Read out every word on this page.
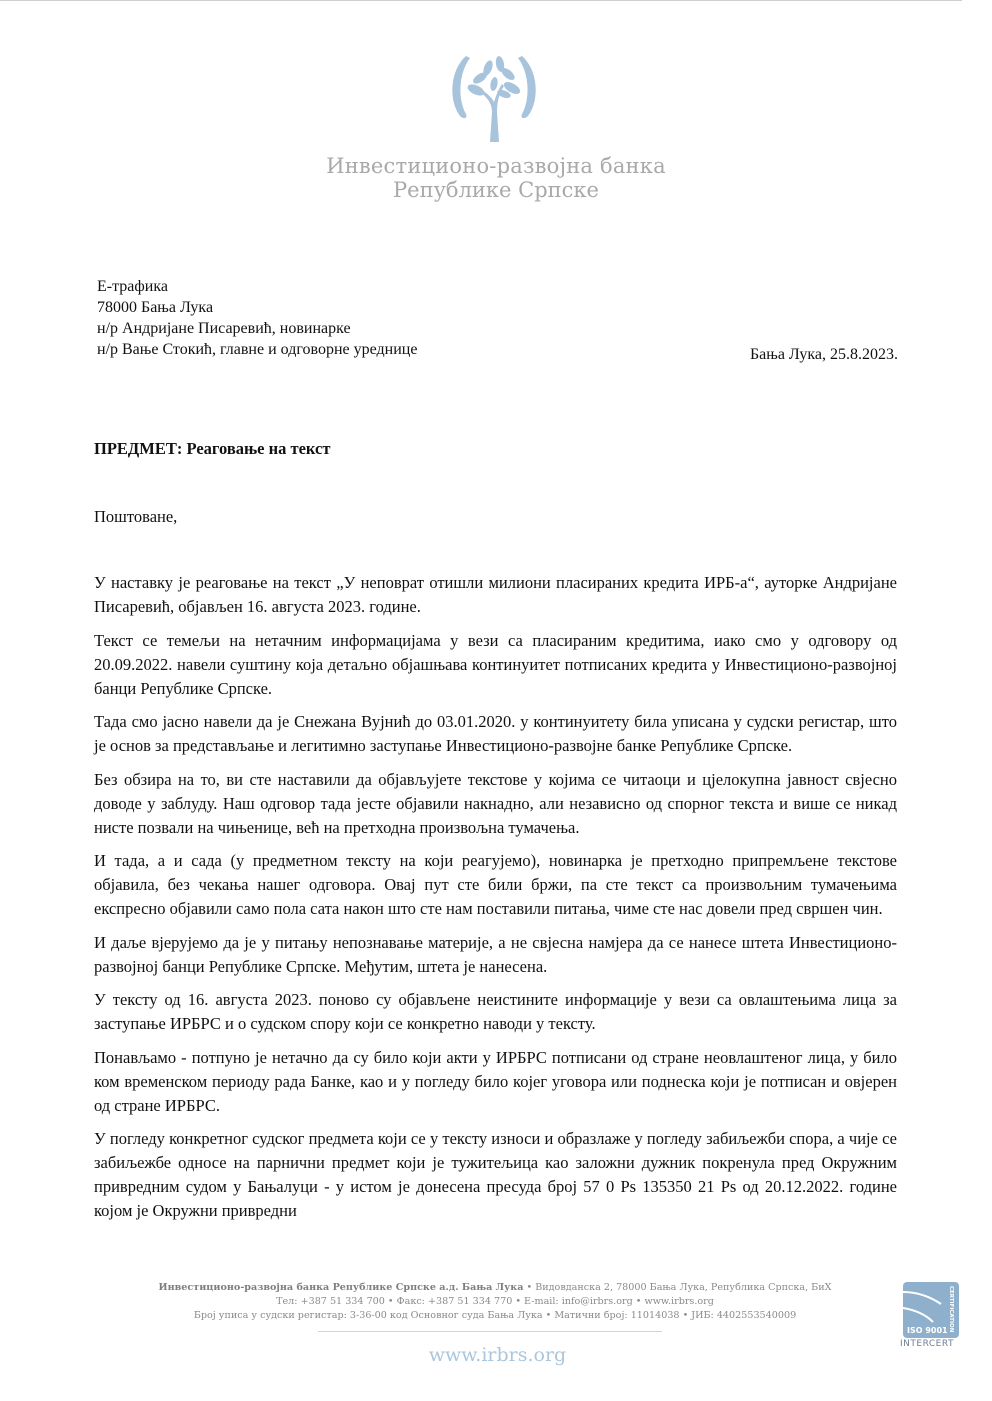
Инвестиционо-развојна банка
Републике Српске
Е-трафика
78000 Бања Лука
н/р Андријане Писаревић, новинарке
н/р Вање Стокић, главне и одговорне уреднице	Бања Лука, 25.8.2023.
ПРЕДМЕТ: Реаговање на текст
Поштоване,

У наставку је реаговање на текст „У неповрат отишли милиони пласираних кредита ИРБ-а“, ауторке Андријане Писаревић, објављен 16. августа 2023. године.

Текст се темељи на нетачним информацијама у вези са пласираним кредитима, иако смо у одговору од 20.09.2022. навели суштину која детаљно објашњава континуитет потписаних кредита у Инвестиционо-развојној банци Републике Српске.

Тада смо јасно навели да је Снежана Вујнић до 03.01.2020. у континуитету била уписана у судски регистар, што је основ за представљање и легитимно заступање Инвестиционо-развојне банке Републике Српске.

Без обзира на то, ви сте наставили да објављујете текстове у којима се читаоци и цјелокупна јавност свјесно доводе у заблуду. Наш одговор тада јесте објавили накнадно, али независно од спорног текста и више се никад нисте позвали на чињенице, већ на претходна произвољна тумачења.

И тада, а и сада (у предметном тексту на који реагујемо), новинарка је претходно припремљене текстове објавила, без чекања нашег одговора. Овај пут сте били бржи, па сте текст са произвољним тумачењима експресно објавили само пола сата након што сте нам поставили питања, чиме сте нас довели пред свршен чин.

И даље вјерујемо да је у питању непознавање материје, а не свјесна намјера да се нанесе штета Инвестиционо-развојној банци Републике Српске. Међутим, штета је нанесена.

У тексту од 16. августа 2023. поново су објављене неистините информације у вези са овлаштењима лица за заступање ИРБРС и о судском спору који се конкретно наводи у тексту.

Понављамо - потпуно је нетачно да су било који акти у ИРБРС потписани од стране неовлаштеног лица, у било ком временском периоду рада Банке, као и у погледу било којег уговора или поднеска који је потписан и овјерен од стране ИРБРС.

У погледу конкретног судског предмета који се у тексту износи и образлаже у погледу забиљежби спора, а чије се забиљежбе односе на парнични предмет који је тужитељица као заложни дужник покренула пред Окружним привредним судом у Бањалуци - у истом је донесена пресуда број 57 0 Ps 135350 21 Ps од 20.12.2022. године којом је Окружни привредни

Инвестиционо-развојна банка Републике Српске а.д. Бања Лука • Видовданска 2, 78000 Бања Лука, Република Српска, БиХ
Тел: +387 51 334 700 • Факс: +387 51 334 770 • E-mail: info@irbrs.org • www.irbrs.org
Број уписа у судски регистар: 3-36-00 код Основног суда Бања Лука • Матични број: 11014038 • ЈИБ: 4402553540009
www.irbrs.org
ISO 9001 CERTIFICATION
INTERCERT
